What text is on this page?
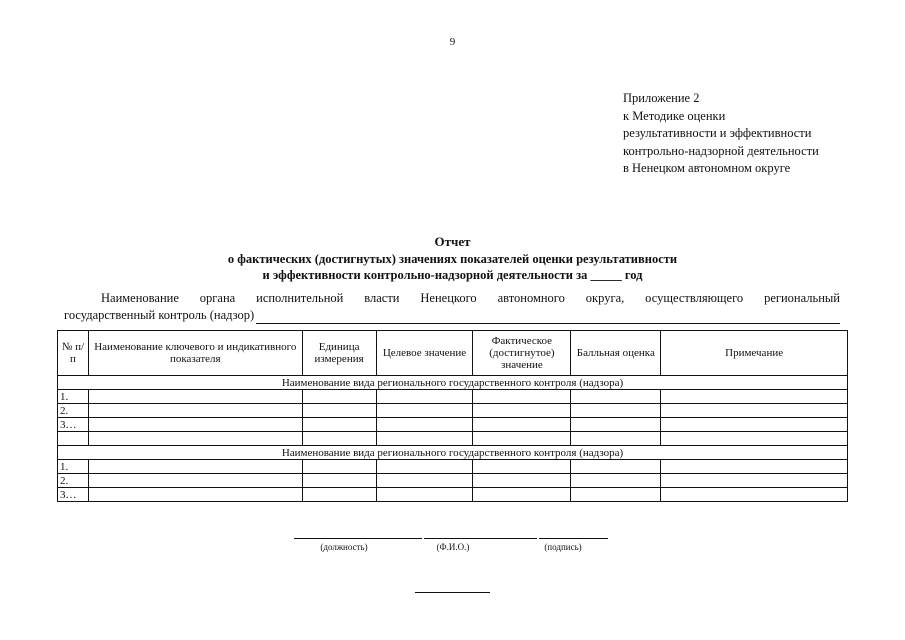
9
Приложение 2
к Методике оценки
результативности и эффективности
контрольно-надзорной деятельности
в Ненецком автономном округе
Отчет
о фактических (достигнутых) значениях показателей оценки результативности
и эффективности контрольно-надзорной деятельности за _____ год
Наименование органа исполнительной власти Ненецкого автономного округа, осуществляющего региональный
государственный контроль (надзор)
№ п/п	Наименование ключевого и индикативного показателя	Единица измерения	Целевое значение	Фактическое (достигнутое) значение	Балльная оценка	Примечание
Наименование вида регионального государственного контроля (надзора)						
1.						
2.						
3…						

Наименование вида регионального государственного контроля (надзора)						
1.						
2.						
3…						
(должность)	(Ф.И.О.)	(подпись)
